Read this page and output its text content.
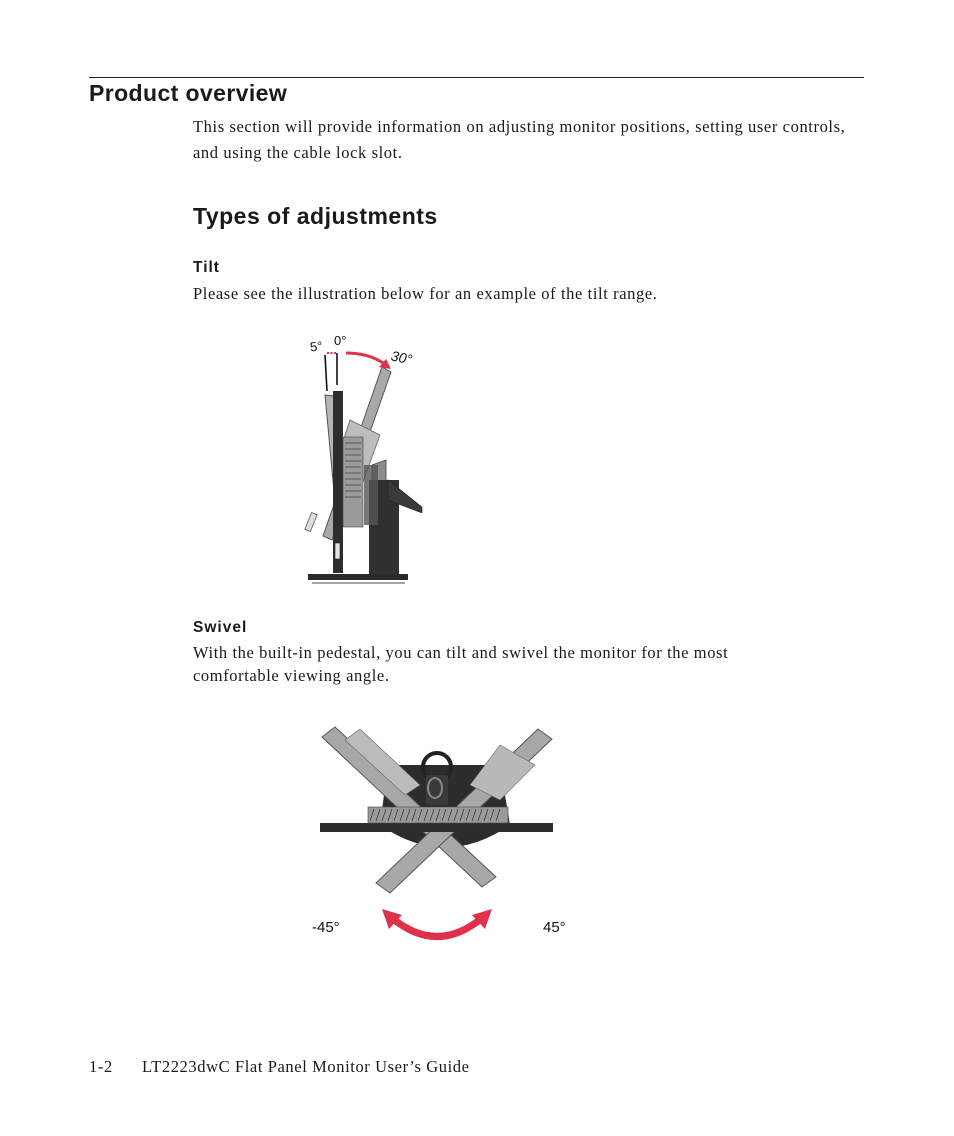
Product overview

This section will provide information on adjusting monitor positions, setting user controls, and using the cable lock slot.

Types of adjustments
Tilt

Please see the illustration below for an example of the tilt range.

5° 0°
30°
Swivel

With the built-in pedestal, you can tilt and swivel the monitor for the most comfortable viewing angle.

-45°	45°
1-2 LT2223dwC Flat Panel Monitor User’s Guide
